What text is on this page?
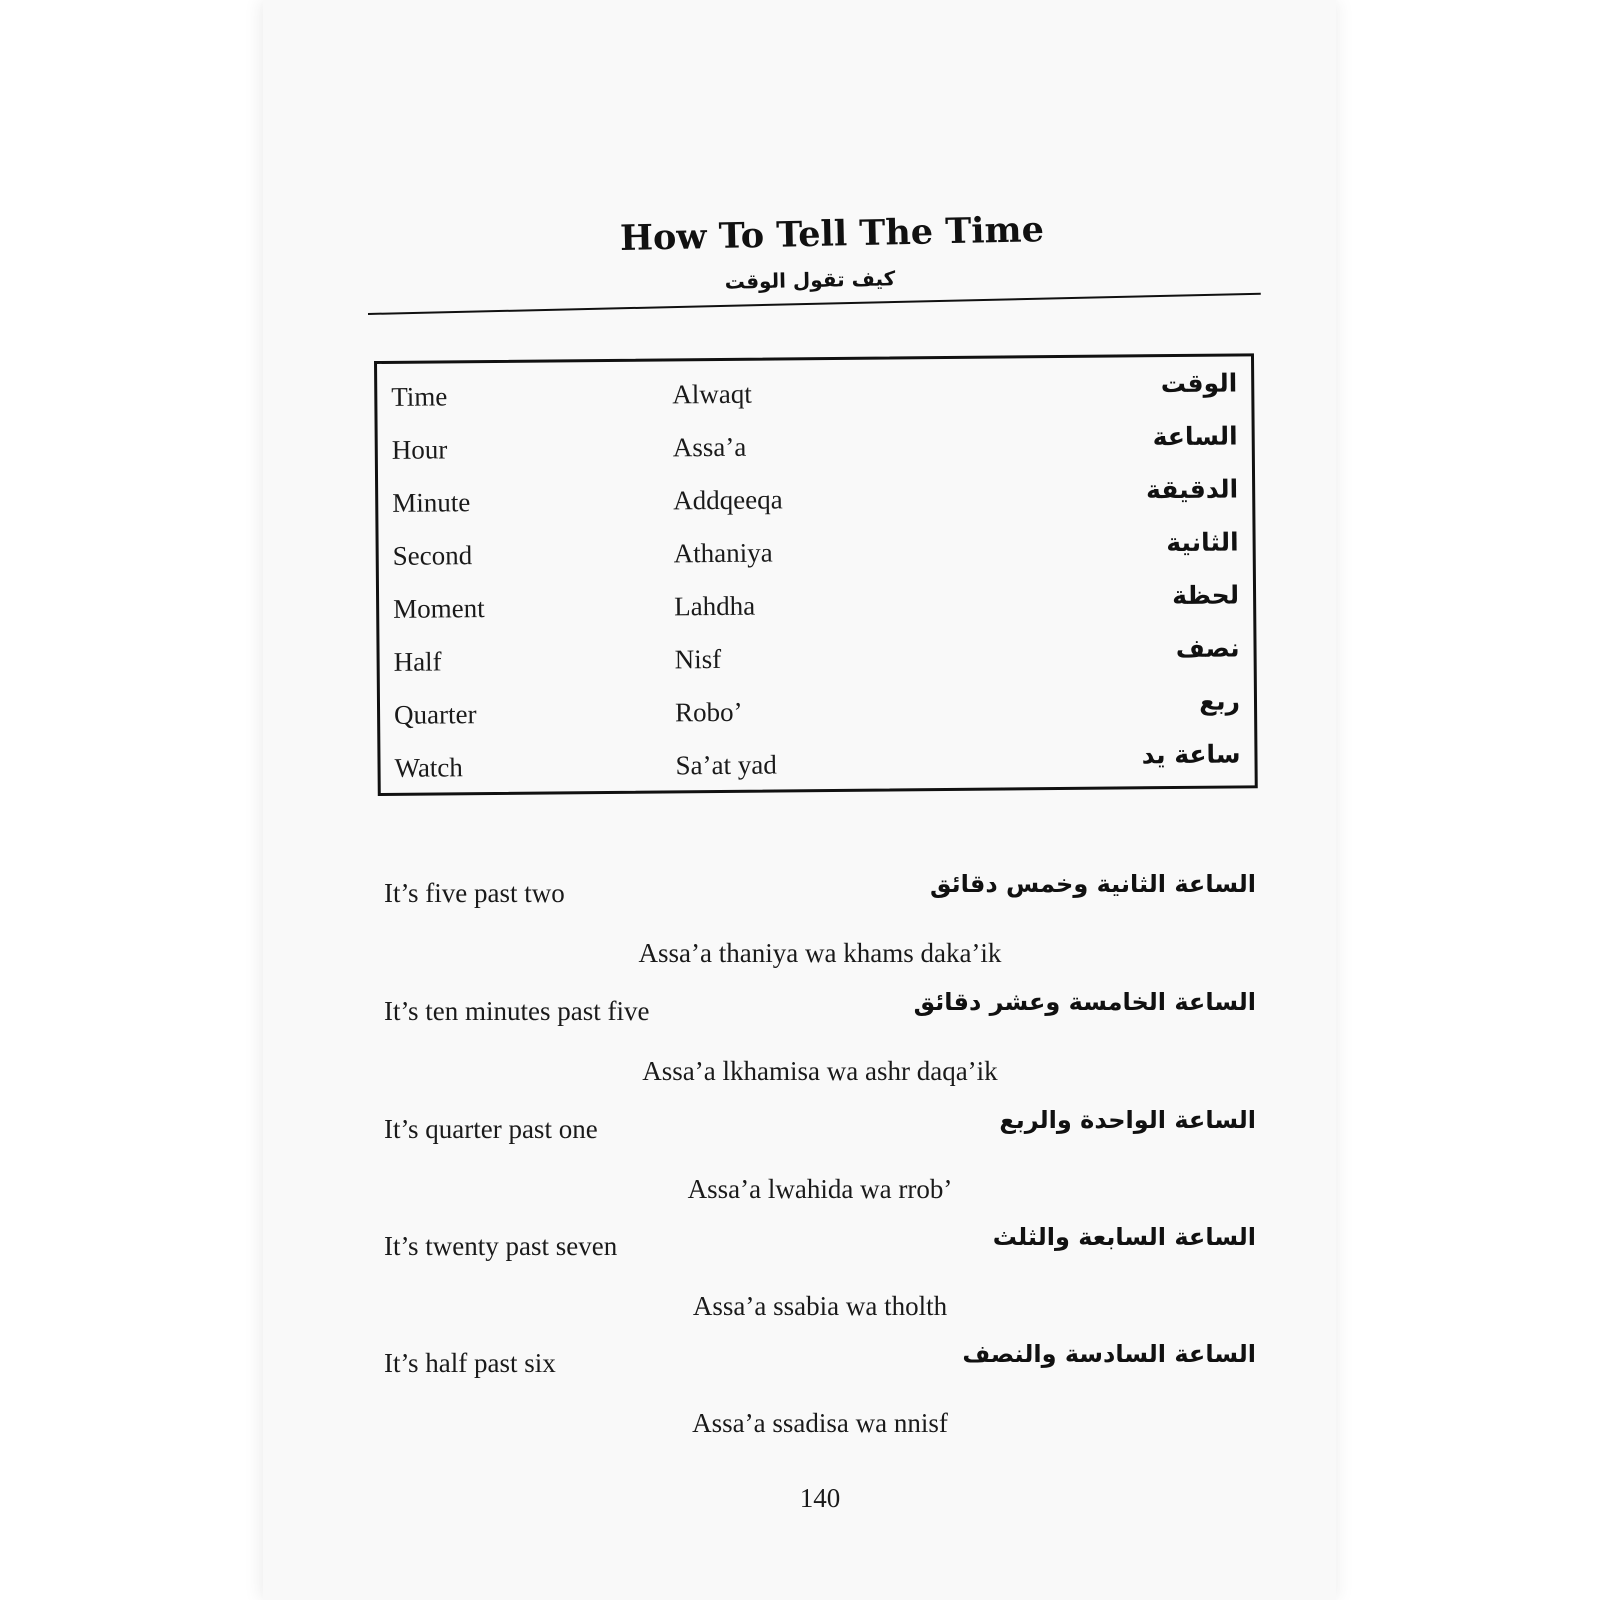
How To Tell The Time
كيف تقول الوقت
Time	Alwaqt	الوقت
Hour	Assa’a	الساعة
Minute	Addqeeqa	الدقيقة
Second	Athaniya	الثانية
Moment	Lahdha	لحظة
Half	Nisf	نصف
Quarter	Robo’	ربع
Watch	Sa’at yad	ساعة يد
It’s five past two	الساعة الثانية وخمس دقائق
Assa’a thaniya wa khams daka’ik
It’s ten minutes past five	الساعة الخامسة وعشر دقائق
Assa’a lkhamisa wa ashr daqa’ik
It’s quarter past one	الساعة الواحدة والربع
Assa’a lwahida wa rrob’
It’s twenty past seven	الساعة السابعة والثلث
Assa’a ssabia wa tholth
It’s half past six	الساعة السادسة والنصف
Assa’a ssadisa wa nnisf
140
